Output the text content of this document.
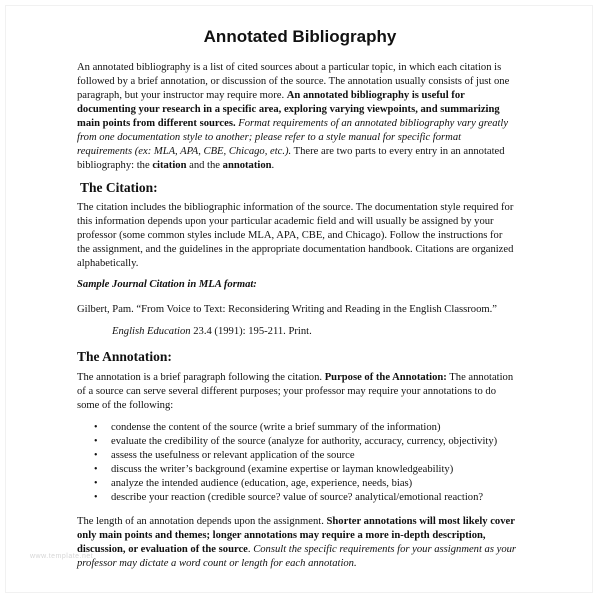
Annotated Bibliography

An annotated bibliography is a list of cited sources about a particular topic, in which each citation is followed by a brief annotation, or discussion of the source. The annotation usually consists of just one paragraph, but your instructor may require more. An annotated bibliography is useful for documenting your research in a specific area, exploring varying viewpoints, and summarizing main points from different sources. Format requirements of an annotated bibliography vary greatly from one documentation style to another; please refer to a style manual for specific format requirements (ex: MLA, APA, CBE, Chicago, etc.). There are two parts to every entry in an annotated bibliography: the citation and the annotation.

The Citation:

The citation includes the bibliographic information of the source. The documentation style required for this information depends upon your particular academic field and will usually be assigned by your professor (some common styles include MLA, APA, CBE, and Chicago). Follow the instructions for the assignment, and the guidelines in the appropriate documentation handbook. Citations are organized alphabetically.

Sample Journal Citation in MLA format:

Gilbert, Pam. “From Voice to Text: Reconsidering Writing and Reading in the English Classroom.”

English Education 23.4 (1991): 195-211. Print.

The Annotation:

The annotation is a brief paragraph following the citation. Purpose of the Annotation: The annotation of a source can serve several different purposes; your professor may require your annotations to do some of the following:

• condense the content of the source (write a brief summary of the information)
• evaluate the credibility of the source (analyze for authority, accuracy, currency, objectivity)
• assess the usefulness or relevant application of the source
• discuss the writer’s background (examine expertise or layman knowledgeability)
• analyze the intended audience (education, age, experience, needs, bias)
• describe your reaction (credible source? value of source? analytical/emotional reaction?

The length of an annotation depends upon the assignment. Shorter annotations will most likely cover only main points and themes; longer annotations may require a more in-depth description, discussion, or evaluation of the source. Consult the specific requirements for your assignment as your professor may dictate a word count or length for each annotation.

www.template.net
